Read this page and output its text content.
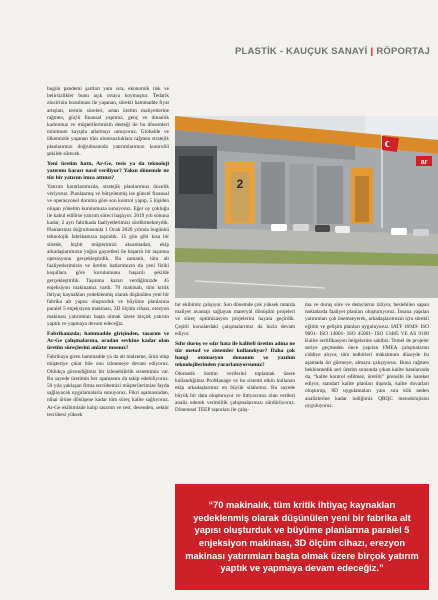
PLASTİK - KAUÇUK SANAYİ | RÖPORTAJ

bugün pandemi şartları yanı sıra, ekonomik risk ve belirsizlikler bunu açık ortaya koymuştur. Tedarik zincirinin bozulması ile yaşanan, sürekli hammadde fiyat artışları, termin süreleri, artan üretim maliyetlerine rağmen, güçlü finansal yapımız, genç ve dinamik kadromuz ve müşterilerimizin desteği ile bu dönemleri minimum kayıpla atlatmayı umuyoruz. Globalde ve ülkemizde yaşanan tüm olumsuzluklara rağmen stratejik planlarımızı doğrultusunda yatırımlarımızı kontrollü şekilde sürecek.

Yeni üretim hattı, Ar-Ge, tesis ya da teknoloji yatırımı kararı nasıl veriliyor? Yakın dönemde ne tür bir yatırım imza attınız?

Yatırım kararlarımızda, stratejik planlarımızı öncelik veriyoruz. Planlanmış ve bütçelenmiş ise güncel finansal ve operasyonel duruma göre son kontrol yapıp, 5 kişiden oluşan yönetim kurulumuza sunuyoruz. Eğer oy çokluğu ile kabul edilirse yatırım süreci başlıyor. 2019 yılı sonuna kadar, 2 ayrı fabrikada faaliyetlerimizi sürdürmekteydik. Planlarımız doğrultusunda 1 Ocak 2020 yılında bugünkü teknolojik fabrikamıza taşındık. 15 gün gibi kısa bir sürede, hiçbir müşterimizi aksatmadan, ekip arkadaşlarımızın yoğun gayretleri ile başarılı bir taşınma operasyonu gerçekleştirdik. Bu zamanlı, tüm alt faaliyetlerimizin ve üretim hatlarımızın da yeni fiziki koşullara göre kurulumunu başarılı şekilde gerçekleştirdik. Taşınma kararı verdiğimizde 45 enjeksiyon makinamız vardı. 70 makinalı, tüm kritik ihtiyaç kaynakları yedeklenmiş olarak düşünülen yeni bir fabrika alt yapısı oluşturduk ve büyüme planlarına paralel 5 enjeksiyon makinası, 3D ölçüm cihazı, erezyon makinası yatırımları başta olmak üzere birçok yatırım yaptık ve yapmaya devam edeceğiz.

Fabrikanızda; hammadde girişinden, tasarım ve Ar-Ge çalışmalarına, oradan sevkine kadar olan üretim süreçlerini anlatır mısınız?

Fabrikaya giren hammadde ya da alt malzeme, ürün olup müşteriye çıkar bile onu izlenmeye devam ediyoruz. Oldukça güvendiğimiz bir izlenebilirlik sistemimiz var. Bu sayede üretimin her aşamasını da takip edebiliyoruz. 50 yıla yaklaşan firma tecrübemizi müşterilerimize fayda sağlayacak uygulamalarla sunuyoruz. Fikri aşamasından, nihai ürüne dönüşene kadar tüm süreç kalite sağlıyoruz. Ar-Ge ekibimizde kalıp tasarım ve test, desenden, sektör tecrübesi yüksek

2
ar

bir ekibimiz çalışıyor. Son dönemde çok yüksek tutarda maliyet avantajı sağlayan materyal dönüşüm projeleri ve süreç optimizasyon projelerini hayata geçirdik. Çeşitli konulardaki çalışmalarımız da hızla devam ediyor.

Sıfır duruş ve sıfır hata ile kaliteli üretim adına ne tür metod ve sistemler kullanılıyor? Daha çok hangi otomasyon donanım ve yazılım teknolojilerinden yararlanıyorsunuz?

Otomatik üretim verilerini toplamak üzere kullandığımız ProManage ve bu sistemi etkin kullanan ekip arkadaşlarımız en büyük silahımız. Bu sayede büyük bir data oluşturuyor ve ihtiyacımız olan verileri analiz ederek verimlilik çalışmalarımızı sürdürüyoruz. Dönemsel TEEP raporları ile çalış-

ma ve duruş süre ve detaylarını izliyor, beslebilen sapan noktalarda faaliyet planları oluşturuyoruz. İnsana yapılan yatırımları çok önemseyerek, arkadaşlarımızın için sürekli eğitim ve gelişim planları uyguluyoruz. IATF 16949- ISO 9001- ISO 14001- ISO 45001- ISO 13485 VE AS 9100 Kalite sertifikasyon belgelerine sahibiz. Temel de projeler seriye geçmeden önce yapılan FMEA çalışmalarını ciddiye alıyor, tüm tedbirleri maksimum düzeyde bu aşamada ön görmeye, almaya çalışıyoruz. Buna rağmen beklenmedik seri üretim sırasında çıkan kalite hatalarında da, “kalite kontrol edilmez, üretilir” prensibi ile hareket ediyor, standart kalite planları dışında, kalite duvarları oluşturup, 8D uygulamaları yanı sıra kök neden analizlerine kadar indiğimiz QRQC metodolojisini uyguluyoruz.

“70 makinalık, tüm kritik ihtiyaç kaynakları yedeklenmiş olarak düşünülen yeni bir fabrika alt yapısı oluşturduk ve büyüme planlarına paralel 5 enjeksiyon makinası, 3D ölçüm cihazı, erezyon makinası yatırımları başta olmak üzere birçok yatırım yaptık ve yapmaya devam edeceğiz.”
